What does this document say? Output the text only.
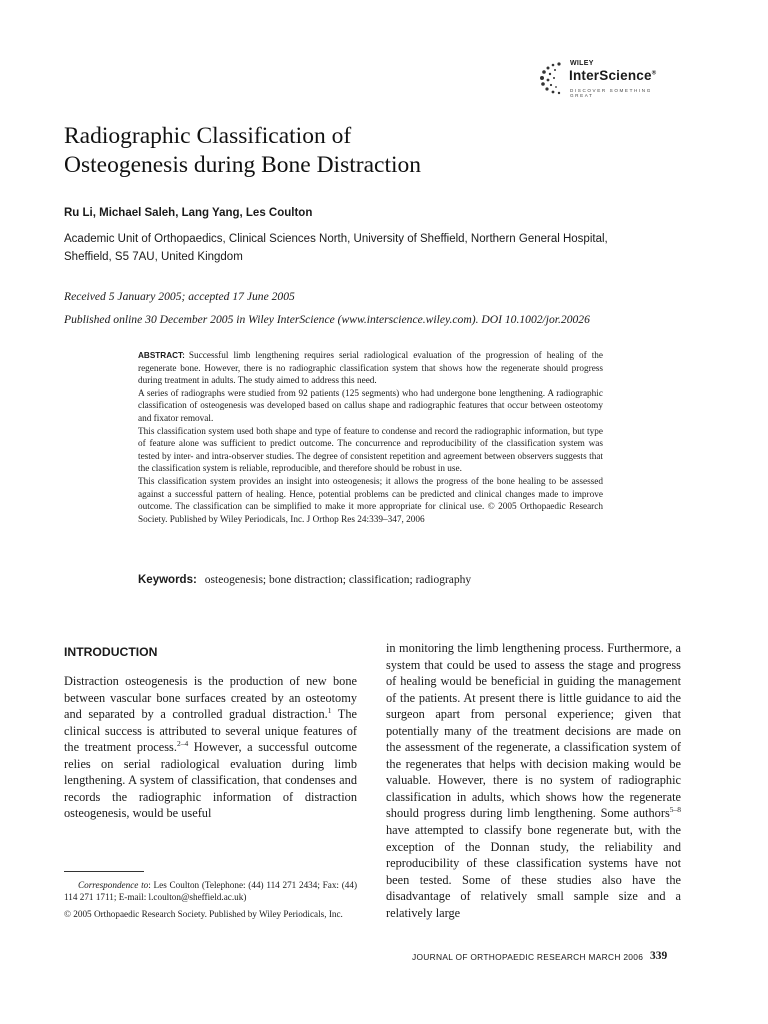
WILEY
InterScience®
DISCOVER SOMETHING GREAT
Radiographic Classification of
Osteogenesis during Bone Distraction
Ru Li, Michael Saleh, Lang Yang, Les Coulton
Academic Unit of Orthopaedics, Clinical Sciences North, University of Sheffield, Northern General Hospital,
Sheffield, S5 7AU, United Kingdom
Received 5 January 2005; accepted 17 June 2005
Published online 30 December 2005 in Wiley InterScience (www.interscience.wiley.com). DOI 10.1002/jor.20026

ABSTRACT: Successful limb lengthening requires serial radiological evaluation of the progression of healing of the regenerate bone. However, there is no radiographic classification system that shows how the regenerate should progress during treatment in adults. The study aimed to address this need.

A series of radiographs were studied from 92 patients (125 segments) who had undergone bone lengthening. A radiographic classification of osteogenesis was developed based on callus shape and radiographic features that occur between osteotomy and fixator removal.

This classification system used both shape and type of feature to condense and record the radiographic information, but type of feature alone was sufficient to predict outcome. The concurrence and reproducibility of the classification system was tested by inter- and intra-observer studies. The degree of consistent repetition and agreement between observers suggests that the classification system is reliable, reproducible, and therefore should be robust in use.

This classification system provides an insight into osteogenesis; it allows the progress of the bone healing to be assessed against a successful pattern of healing. Hence, potential problems can be predicted and clinical changes made to improve outcome. The classification can be simplified to make it more appropriate for clinical use. © 2005 Orthopaedic Research Society. Published by Wiley Periodicals, Inc. J Orthop Res 24:339–347, 2006

Keywords: osteogenesis; bone distraction; classification; radiography
INTRODUCTION
Distraction osteogenesis is the production of new bone between vascular bone surfaces created by an osteotomy and separated by a controlled gradual distraction.$^1$ The clinical success is attributed to several unique features of the treatment process.$^{2-4}$ However, a successful outcome relies on serial radiological evaluation during limb lengthening. A system of classification, that condenses and records the radiographic information of distraction osteogenesis, would be useful
in monitoring the limb lengthening process. Furthermore, a system that could be used to assess the stage and progress of healing would be beneficial in guiding the management of the patients. At present there is little guidance to aid the surgeon apart from personal experience; given that potentially many of the treatment decisions are made on the assessment of the regenerate, a classification system of the regenerates that helps with decision making would be valuable. However, there is no system of radiographic classification in adults, which shows how the regenerate should progress during limb lengthening. Some authors$^{5-8}$ have attempted to classify bone regenerate but, with the exception of the Donnan study, the reliability and reproducibility of these classification systems have not been tested. Some of these studies also have the disadvantage of relatively small sample size and a relatively large

Correspondence to: Les Coulton (Telephone: (44) 114 271 2434; Fax: (44) 114 271 1711; E-mail: l.coulton@sheffield.ac.uk)

© 2005 Orthopaedic Research Society. Published by Wiley Periodicals, Inc.

JOURNAL OF ORTHOPAEDIC RESEARCH MARCH 2006 339
